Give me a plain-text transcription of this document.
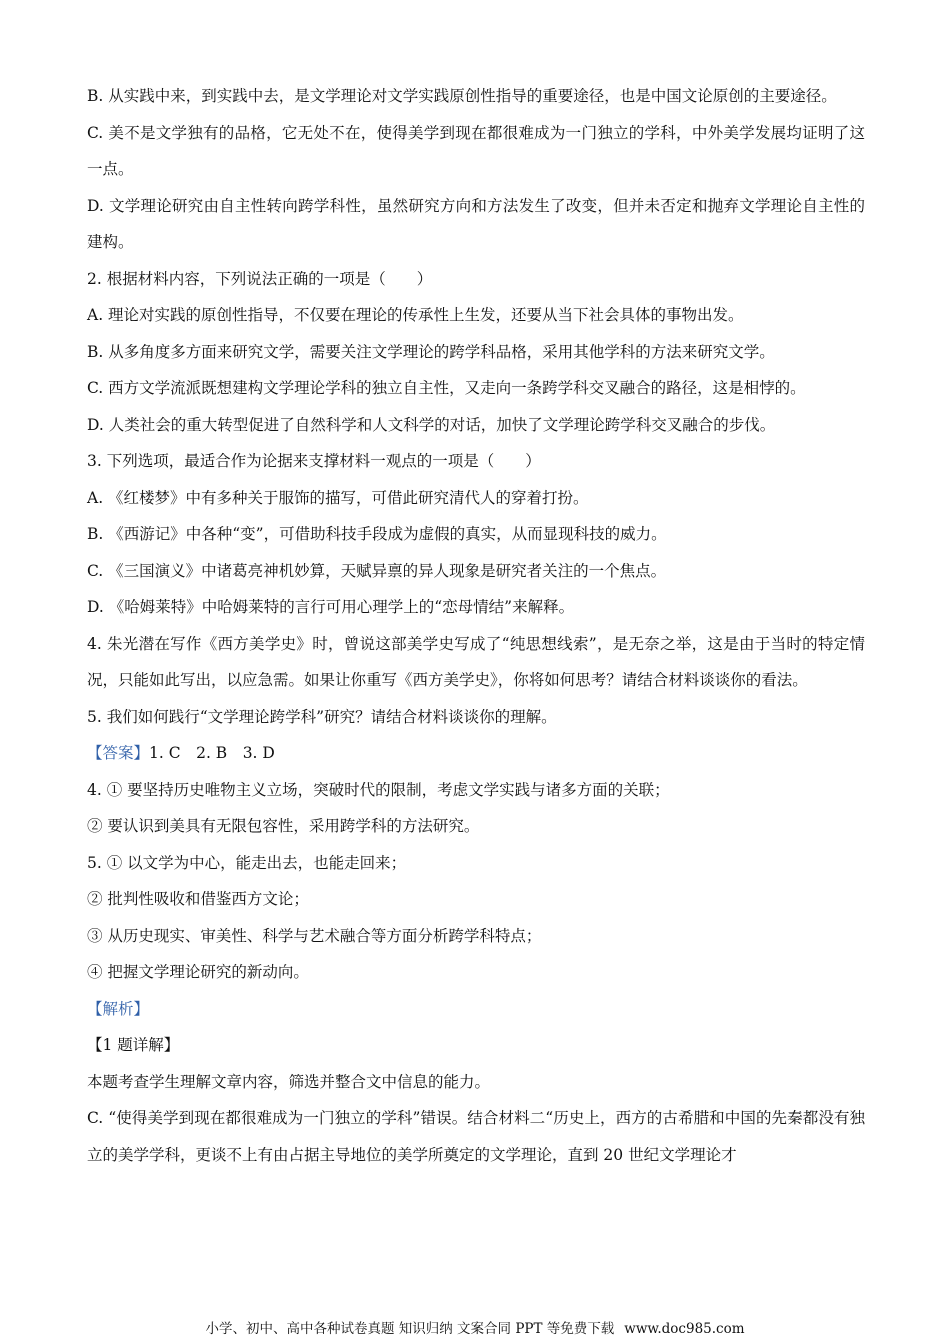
B. 从实践中来，到实践中去，是文学理论对文学实践原创性指导的重要途径，也是中国文论原创的主要途径。

C. 美不是文学独有的品格，它无处不在，使得美学到现在都很难成为一门独立的学科，中外美学发展均证明了这一点。

D. 文学理论研究由自主性转向跨学科性，虽然研究方向和方法发生了改变，但并未否定和抛弃文学理论自主性的建构。

2. 根据材料内容，下列说法正确的一项是（　　）

A. 理论对实践的原创性指导，不仅要在理论的传承性上生发，还要从当下社会具体的事物出发。

B. 从多角度多方面来研究文学，需要关注文学理论的跨学科品格，采用其他学科的方法来研究文学。

C. 西方文学流派既想建构文学理论学科的独立自主性，又走向一条跨学科交叉融合的路径，这是相悖的。

D. 人类社会的重大转型促进了自然科学和人文科学的对话，加快了文学理论跨学科交叉融合的步伐。

3. 下列选项，最适合作为论据来支撑材料一观点的一项是（　　）

A. 《红楼梦》中有多种关于服饰的描写，可借此研究清代人的穿着打扮。

B. 《西游记》中各种“变”，可借助科技手段成为虚假的真实，从而显现科技的威力。

C. 《三国演义》中诸葛亮神机妙算，天赋异禀的异人现象是研究者关注的一个焦点。

D. 《哈姆莱特》中哈姆莱特的言行可用心理学上的“恋母情结”来解释。

4. 朱光潜在写作《西方美学史》时，曾说这部美学史写成了“纯思想线索”，是无奈之举，这是由于当时的特定情况，只能如此写出，以应急需。如果让你重写《西方美学史》，你将如何思考？请结合材料谈谈你的看法。

5. 我们如何践行“文学理论跨学科”研究？请结合材料谈谈你的理解。

【答案】1. C　2. B　3. D

4. ① 要坚持历史唯物主义立场，突破时代的限制，考虑文学实践与诸多方面的关联；

② 要认识到美具有无限包容性，采用跨学科的方法研究。

5. ① 以文学为中心，能走出去，也能走回来；

② 批判性吸收和借鉴西方文论；

③ 从历史现实、审美性、科学与艺术融合等方面分析跨学科特点；

④ 把握文学理论研究的新动向。

【解析】

【1 题详解】

本题考查学生理解文章内容，筛选并整合文中信息的能力。

C. “使得美学到现在都很难成为一门独立的学科”错误。结合材料二“历史上，西方的古希腊和中国的先秦都没有独立的美学学科，更谈不上有由占据主导地位的美学所奠定的文学理论，直到 20 世纪文学理论才

小学、初中、高中各种试卷真题 知识归纳 文案合同 PPT 等免费下载 www.doc985.com
